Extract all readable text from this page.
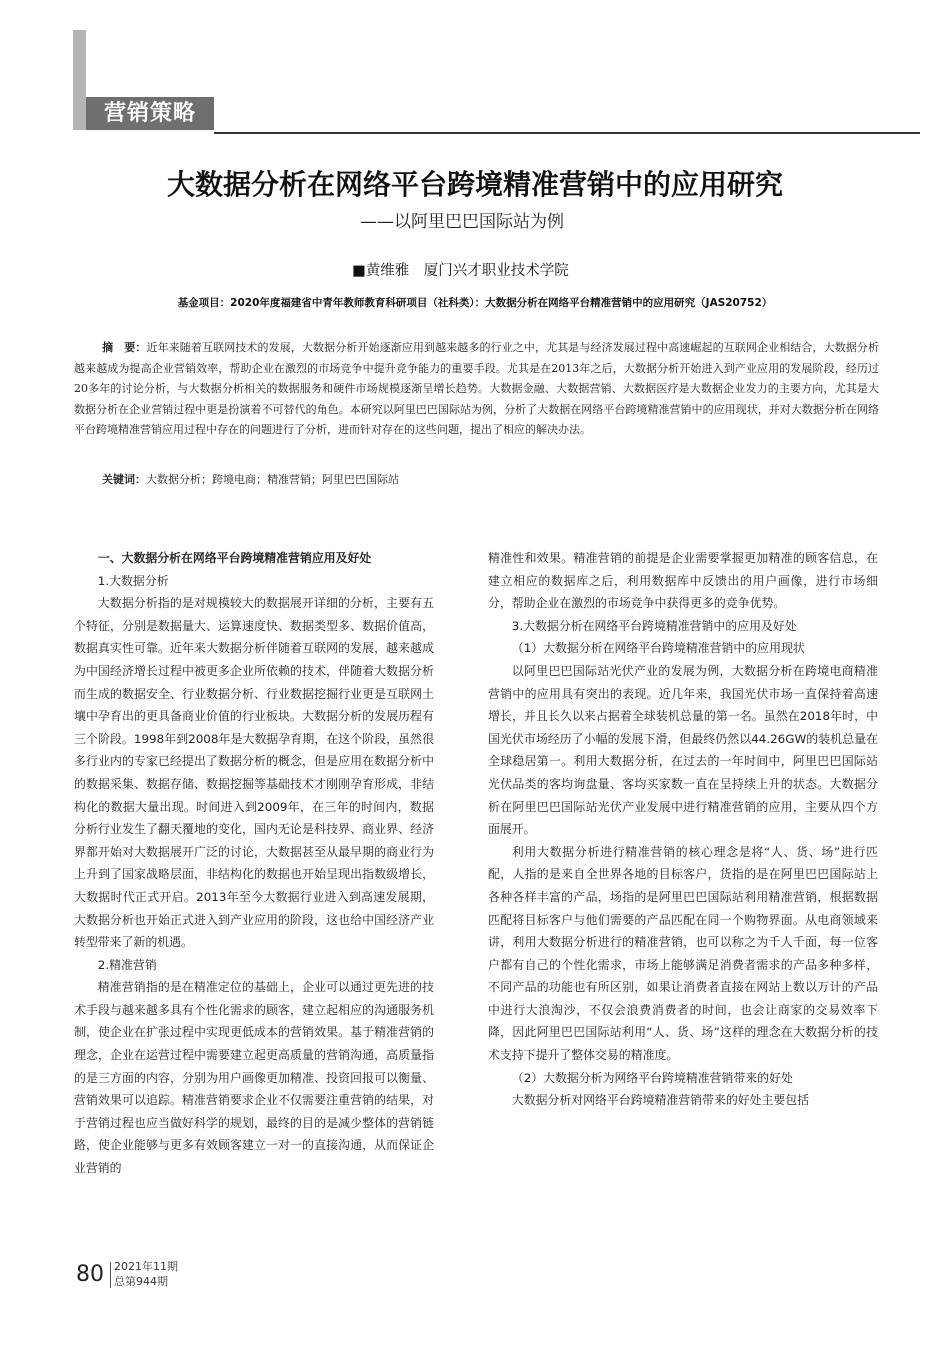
营销策略
大数据分析在网络平台跨境精准营销中的应用研究
——以阿里巴巴国际站为例
■黄维雅　厦门兴才职业技术学院
基金项目：2020年度福建省中青年教师教育科研项目（社科类）：大数据分析在网络平台精准营销中的应用研究（JAS20752）
摘　要：近年来随着互联网技术的发展，大数据分析开始逐渐应用到越来越多的行业之中，尤其是与经济发展过程中高速崛起的互联网企业相结合，大数据分析越来越成为提高企业营销效率，帮助企业在激烈的市场竞争中提升竞争能力的重要手段。尤其是在2013年之后，大数据分析开始进入到产业应用的发展阶段，经历过20多年的讨论分析，与大数据分析相关的数据服务和硬件市场规模逐渐呈增长趋势。大数据金融、大数据营销、大数据医疗是大数据企业发力的主要方向，尤其是大数据分析在企业营销过程中更是扮演着不可替代的角色。本研究以阿里巴巴国际站为例，分析了大数据在网络平台跨境精准营销中的应用现状，并对大数据分析在网络平台跨境精准营销应用过程中存在的问题进行了分析，进而针对存在的这些问题，提出了相应的解决办法。
关键词：大数据分析；跨境电商；精准营销；阿里巴巴国际站
一、大数据分析在网络平台跨境精准营销应用及好处
1.大数据分析

大数据分析指的是对规模较大的数据展开详细的分析，主要有五个特征，分别是数据量大、运算速度快、数据类型多、数据价值高，数据真实性可靠。近年来大数据分析伴随着互联网的发展，越来越成为中国经济增长过程中被更多企业所依赖的技术，伴随着大数据分析而生成的数据安全、行业数据分析、行业数据挖掘行业更是互联网土壤中孕育出的更具备商业价值的行业板块。大数据分析的发展历程有三个阶段。1998年到2008年是大数据孕育期，在这个阶段，虽然很多行业内的专家已经提出了数据分析的概念，但是应用在数据分析中的数据采集、数据存储、数据挖掘等基础技术才刚刚孕育形成，非结构化的数据大量出现。时间进入到2009年，在三年的时间内，数据分析行业发生了翻天覆地的变化，国内无论是科技界、商业界、经济界都开始对大数据展开广泛的讨论，大数据甚至从最早期的商业行为上升到了国家战略层面，非结构化的数据也开始呈现出指数级增长，大数据时代正式开启。2013年至今大数据行业进入到高速发展期，大数据分析也开始正式进入到产业应用的阶段，这也给中国经济产业转型带来了新的机遇。

2.精准营销

精准营销指的是在精准定位的基础上，企业可以通过更先进的技术手段与越来越多具有个性化需求的顾客，建立起相应的沟通服务机制，使企业在扩张过程中实现更低成本的营销效果。基于精准营销的理念，企业在运营过程中需要建立起更高质量的营销沟通，高质量指的是三方面的内容，分别为用户画像更加精准、投资回报可以衡量、营销效果可以追踪。精准营销要求企业不仅需要注重营销的结果，对于营销过程也应当做好科学的规划，最终的目的是减少整体的营销链路，使企业能够与更多有效顾客建立一对一的直接沟通，从而保证企业营销的

精准性和效果。精准营销的前提是企业需要掌握更加精准的顾客信息，在建立相应的数据库之后，利用数据库中反馈出的用户画像，进行市场细分，帮助企业在激烈的市场竞争中获得更多的竞争优势。

3.大数据分析在网络平台跨境精准营销中的应用及好处
（1）大数据分析在网络平台跨境精准营销中的应用现状

以阿里巴巴国际站光伏产业的发展为例，大数据分析在跨境电商精准营销中的应用具有突出的表现。近几年来，我国光伏市场一直保持着高速增长，并且长久以来占据着全球装机总量的第一名。虽然在2018年时，中国光伏市场经历了小幅的发展下滑，但最终仍然以44.26GW的装机总量在全球稳居第一。利用大数据分析，在过去的一年时间中，阿里巴巴国际站光伏品类的客均询盘量、客均买家数一直在呈持续上升的状态。大数据分析在阿里巴巴国际站光伏产业发展中进行精准营销的应用，主要从四个方面展开。

利用大数据分析进行精准营销的核心理念是将“人、货、场”进行匹配，人指的是来自全世界各地的目标客户，货指的是在阿里巴巴国际站上各种各样丰富的产品，场指的是阿里巴巴国际站利用精准营销，根据数据匹配将目标客户与他们需要的产品匹配在同一个购物界面。从电商领域来讲，利用大数据分析进行的精准营销，也可以称之为千人千面，每一位客户都有自己的个性化需求，市场上能够满足消费者需求的产品多种多样，不同产品的功能也有所区别，如果让消费者直接在网站上数以万计的产品中进行大浪淘沙，不仅会浪费消费者的时间，也会让商家的交易效率下降，因此阿里巴巴国际站利用“人、货、场”这样的理念在大数据分析的技术支持下提升了整体交易的精准度。

（2）大数据分析为网络平台跨境精准营销带来的好处

大数据分析对网络平台跨境精准营销带来的好处主要包括

80 2021年11期
总第944期
